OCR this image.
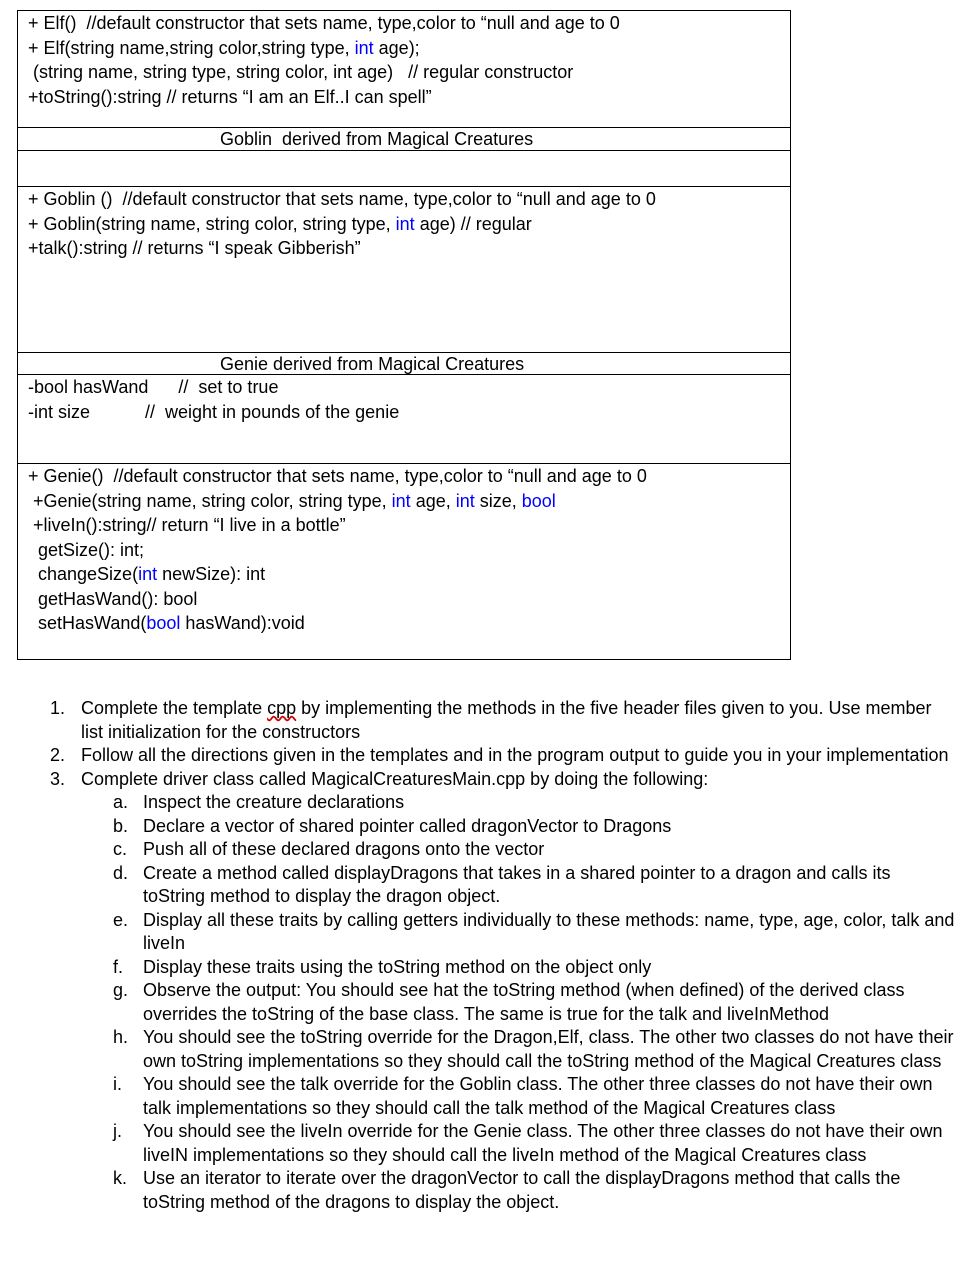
+ Elf()  //default constructor that sets name, type,color to “null and age to 0
+ Elf(string name,string color,string type, int age);
(string name, string type, string color, int age)   // regular constructor
+toString():string // returns “I am an Elf..I can spell”
Goblin  derived from Magical Creatures
+ Goblin ()  //default constructor that sets name, type,color to “null and age to 0
+ Goblin(string name, string color, string type, int age) // regular
+talk():string // returns “I speak Gibberish”
Genie derived from Magical Creatures
-bool hasWand      //  set to true
-int size           //  weight in pounds of the genie
+ Genie()  //default constructor that sets name, type,color to “null and age to 0
+Genie(string name, string color, string type, int age, int size, bool
+liveIn():string// return “I live in a bottle”
getSize(): int;
changeSize(int newSize): int
getHasWand(): bool
setHasWand(bool hasWand):void
1. Complete the template cpp by implementing the methods in the five header files given to you. Use member list initialization for the constructors
2. Follow all the directions given in the templates and in the program output to guide you in your implementation
3. Complete driver class called MagicalCreaturesMain.cpp by doing the following:
a. Inspect the creature declarations
b. Declare a vector of shared pointer called dragonVector to Dragons
c. Push all of these declared dragons onto the vector
d. Create a method called displayDragons that takes in a shared pointer to a dragon and calls its toString method to display the dragon object.
e. Display all these traits by calling getters individually to these methods: name, type, age, color, talk and liveIn
f. Display these traits using the toString method on the object only
g. Observe the output: You should see hat the toString method (when defined) of the derived class overrides the toString of the base class. The same is true for the talk and liveInMethod
h. You should see the toString override for the Dragon,Elf, class. The other two classes do not have their own toString implementations so they should call the toString method of the Magical Creatures class
i. You should see the talk override for the Goblin class. The other three classes do not have their own talk implementations so they should call the talk method of the Magical Creatures class
j. You should see the liveIn override for the Genie class. The other three classes do not have their own liveIN implementations so they should call the liveIn method of the Magical Creatures class
k. Use an iterator to iterate over the dragonVector to call the displayDragons method that calls the toString method of the dragons to display the object.
